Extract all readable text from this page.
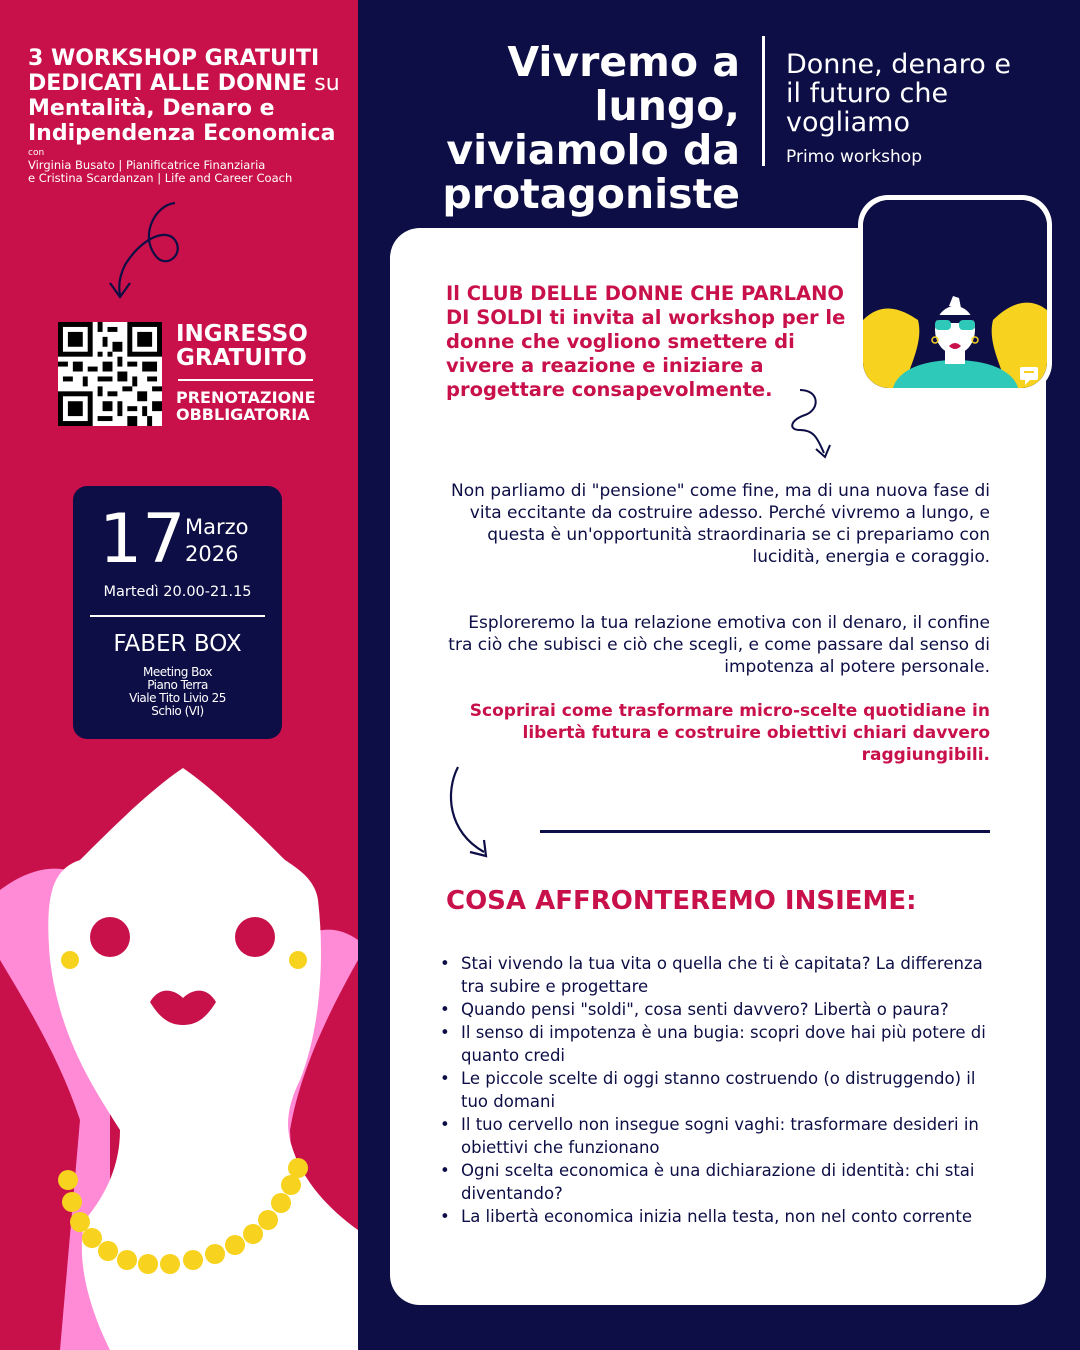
3 WORKSHOP GRATUITI DEDICATI ALLE DONNE su Mentalità, Denaro e Indipendenza Economica
con
Virginia Busato | Pianificatrice Finanziaria
e Cristina Scardanzan | Life and Career Coach
INGRESSO
GRATUITO
PRENOTAZIONE
OBBLIGATORIA
17 Marzo
2026
Martedì 20.00-21.15
FABER BOX
Meeting Box
Piano Terra
Viale Tito Livio 25
Schio (VI)
Vivremo a lungo,
viviamolo da
protagoniste
Donne, denaro e
il futuro che
vogliamo
Primo workshop
Il CLUB DELLE DONNE CHE PARLANO DI SOLDI ti invita al workshop per le donne che vogliono smettere di vivere a reazione e iniziare a progettare consapevolmente.
Non parliamo di "pensione" come fine, ma di una nuova fase di vita eccitante da costruire adesso. Perché vivremo a lungo, e questa è un'opportunità straordinaria se ci prepariamo con lucidità, energia e coraggio.
Esploreremo la tua relazione emotiva con il denaro, il confine tra ciò che subisci e ciò che scegli, e come passare dal senso di impotenza al potere personale.
Scoprirai come trasformare micro-scelte quotidiane in libertà futura e costruire obiettivi chiari davvero raggiungibili.
COSA AFFRONTEREMO INSIEME:
• Stai vivendo la tua vita o quella che ti è capitata? La differenza tra subire e progettare
• Quando pensi "soldi", cosa senti davvero? Libertà o paura?
• Il senso di impotenza è una bugia: scopri dove hai più potere di quanto credi
• Le piccole scelte di oggi stanno costruendo (o distruggendo) il tuo domani
• Il tuo cervello non insegue sogni vaghi: trasformare desideri in obiettivi che funzionano
• Ogni scelta economica è una dichiarazione di identità: chi stai diventando?
• La libertà economica inizia nella testa, non nel conto corrente
